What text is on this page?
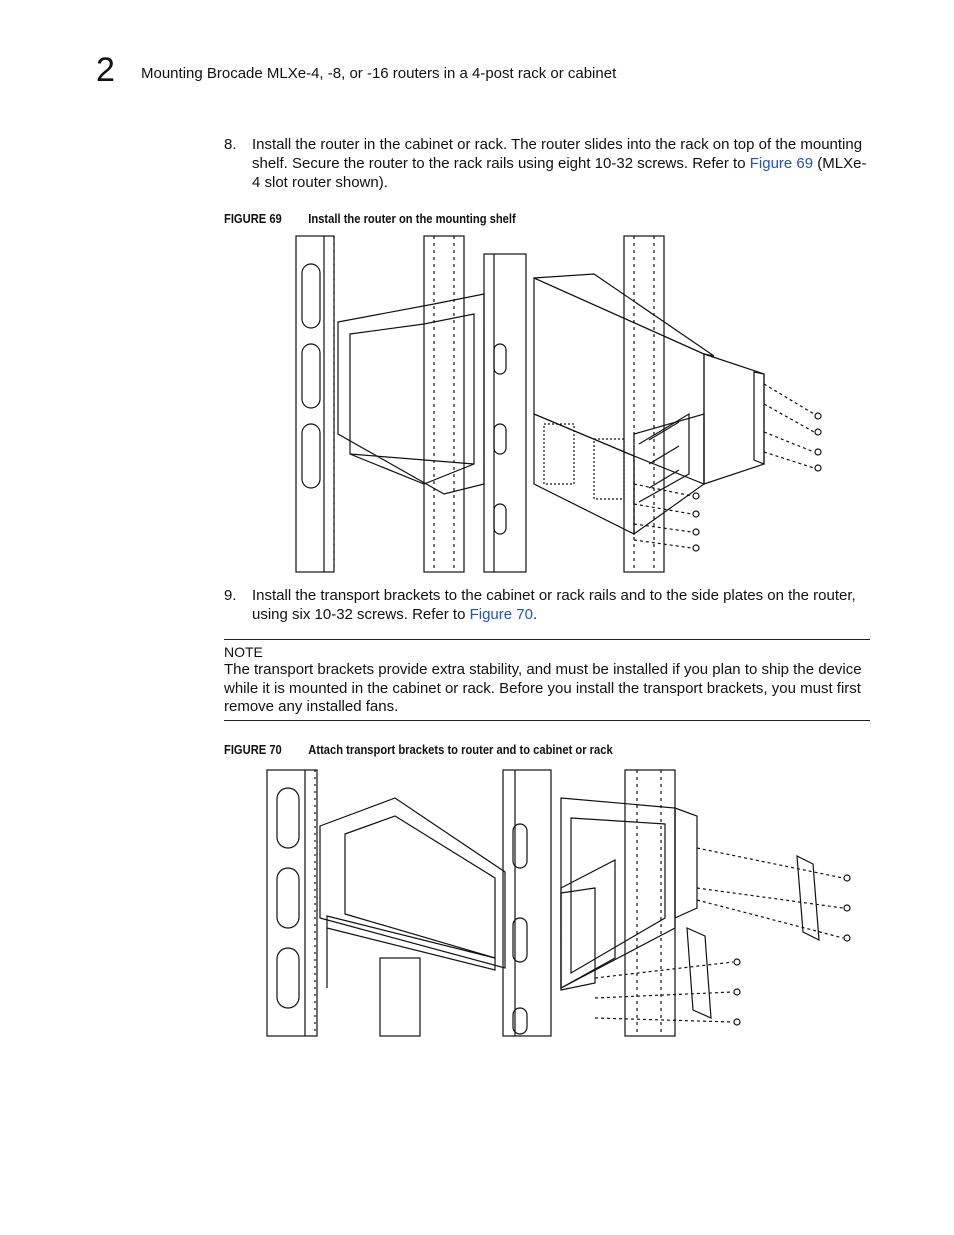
2 Mounting Brocade MLXe-4, -8, or -16 routers in a 4-post rack or cabinet
8. Install the router in the cabinet or rack. The router slides into the rack on top of the mounting shelf. Secure the router to the rack rails using eight 10-32 screws. Refer to Figure 69 (MLXe-4 slot router shown).
FIGURE 69 Install the router on the mounting shelf
9. Install the transport brackets to the cabinet or rack rails and to the side plates on the router, using six 10-32 screws. Refer to Figure 70.
NOTE
The transport brackets provide extra stability, and must be installed if you plan to ship the device while it is mounted in the cabinet or rack. Before you install the transport brackets, you must first remove any installed fans.
FIGURE 70 Attach transport brackets to router and to cabinet or rack
